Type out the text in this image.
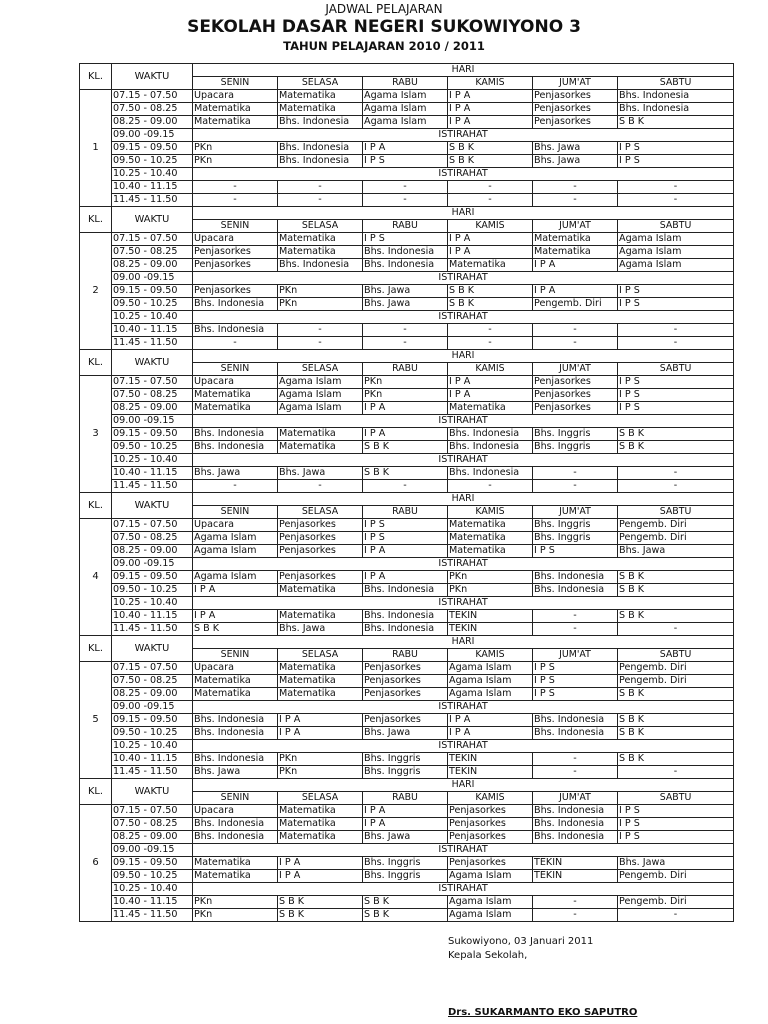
JADWAL PELAJARAN
SEKOLAH DASAR NEGERI SUKOWIYONO 3
TAHUN PELAJARAN 2010 / 2011
KL.	WAKTU	HARI					
		SENIN	SELASA	RABU	KAMIS	JUM'AT	SABTU
1	07.15 - 07.50	Upacara	Matematika	Agama Islam	I P A	Penjasorkes	Bhs. Indonesia
	07.50 - 08.25	Matematika	Matematika	Agama Islam	I P A	Penjasorkes	Bhs. Indonesia
	08.25 - 09.00	Matematika	Bhs. Indonesia	Agama Islam	I P A	Penjasorkes	S B K
	09.00 -09.15	ISTIRAHAT					
	09.15 - 09.50	PKn	Bhs. Indonesia	I P A	S B K	Bhs. Jawa	I P S
	09.50 - 10.25	PKn	Bhs. Indonesia	I P S	S B K	Bhs. Jawa	I P S
	10.25 - 10.40	ISTIRAHAT					
	10.40 - 11.15	-	-	-	-	-	-
	11.45 - 11.50	-	-	-	-	-	-
KL.	WAKTU	HARI					
		SENIN	SELASA	RABU	KAMIS	JUM'AT	SABTU
2	07.15 - 07.50	Upacara	Matematika	I P S	I P A	Matematika	Agama Islam
	07.50 - 08.25	Penjasorkes	Matematika	Bhs. Indonesia	I P A	Matematika	Agama Islam
	08.25 - 09.00	Penjasorkes	Bhs. Indonesia	Bhs. Indonesia	Matematika	I P A	Agama Islam
	09.00 -09.15	ISTIRAHAT					
	09.15 - 09.50	Penjasorkes	PKn	Bhs. Jawa	S B K	I P A	I P S
	09.50 - 10.25	Bhs. Indonesia	PKn	Bhs. Jawa	S B K	Pengemb. Diri	I P S
	10.25 - 10.40	ISTIRAHAT					
	10.40 - 11.15	Bhs. Indonesia	-	-	-	-	-
	11.45 - 11.50	-	-	-	-	-	-
KL.	WAKTU	HARI					
		SENIN	SELASA	RABU	KAMIS	JUM'AT	SABTU
3	07.15 - 07.50	Upacara	Agama Islam	PKn	I P A	Penjasorkes	I P S
	07.50 - 08.25	Matematika	Agama Islam	PKn	I P A	Penjasorkes	I P S
	08.25 - 09.00	Matematika	Agama Islam	I P A	Matematika	Penjasorkes	I P S
	09.00 -09.15	ISTIRAHAT					
	09.15 - 09.50	Bhs. Indonesia	Matematika	I P A	Bhs. Indonesia	Bhs. Inggris	S B K
	09.50 - 10.25	Bhs. Indonesia	Matematika	S B K	Bhs. Indonesia	Bhs. Inggris	S B K
	10.25 - 10.40	ISTIRAHAT					
	10.40 - 11.15	Bhs. Jawa	Bhs. Jawa	S B K	Bhs. Indonesia	-	-
	11.45 - 11.50	-	-	-	-	-	-
KL.	WAKTU	HARI					
		SENIN	SELASA	RABU	KAMIS	JUM'AT	SABTU
4	07.15 - 07.50	Upacara	Penjasorkes	I P S	Matematika	Bhs. Inggris	Pengemb. Diri
	07.50 - 08.25	Agama Islam	Penjasorkes	I P S	Matematika	Bhs. Inggris	Pengemb. Diri
	08.25 - 09.00	Agama Islam	Penjasorkes	I P A	Matematika	I P S	Bhs. Jawa
	09.00 -09.15	ISTIRAHAT					
	09.15 - 09.50	Agama Islam	Penjasorkes	I P A	PKn	Bhs. Indonesia	S B K
	09.50 - 10.25	I P A	Matematika	Bhs. Indonesia	PKn	Bhs. Indonesia	S B K
	10.25 - 10.40	ISTIRAHAT					
	10.40 - 11.15	I P A	Matematika	Bhs. Indonesia	TEKIN	-	S B K
	11.45 - 11.50	S B K	Bhs. Jawa	Bhs. Indonesia	TEKIN	-	-
KL.	WAKTU	HARI					
		SENIN	SELASA	RABU	KAMIS	JUM'AT	SABTU
5	07.15 - 07.50	Upacara	Matematika	Penjasorkes	Agama Islam	I P S	Pengemb. Diri
	07.50 - 08.25	Matematika	Matematika	Penjasorkes	Agama Islam	I P S	Pengemb. Diri
	08.25 - 09.00	Matematika	Matematika	Penjasorkes	Agama Islam	I P S	S B K
	09.00 -09.15	ISTIRAHAT					
	09.15 - 09.50	Bhs. Indonesia	I P A	Penjasorkes	I P A	Bhs. Indonesia	S B K
	09.50 - 10.25	Bhs. Indonesia	I P A	Bhs. Jawa	I P A	Bhs. Indonesia	S B K
	10.25 - 10.40	ISTIRAHAT					
	10.40 - 11.15	Bhs. Indonesia	PKn	Bhs. Inggris	TEKIN	-	S B K
	11.45 - 11.50	Bhs. Jawa	PKn	Bhs. Inggris	TEKIN	-	-
KL.	WAKTU	HARI					
		SENIN	SELASA	RABU	KAMIS	JUM'AT	SABTU
6	07.15 - 07.50	Upacara	Matematika	I P A	Penjasorkes	Bhs. Indonesia	I P S
	07.50 - 08.25	Bhs. Indonesia	Matematika	I P A	Penjasorkes	Bhs. Indonesia	I P S
	08.25 - 09.00	Bhs. Indonesia	Matematika	Bhs. Jawa	Penjasorkes	Bhs. Indonesia	I P S
	09.00 -09.15	ISTIRAHAT					
	09.15 - 09.50	Matematika	I P A	Bhs. Inggris	Penjasorkes	TEKIN	Bhs. Jawa
	09.50 - 10.25	Matematika	I P A	Bhs. Inggris	Agama Islam	TEKIN	Pengemb. Diri
	10.25 - 10.40	ISTIRAHAT					
	10.40 - 11.15	PKn	S B K	S B K	Agama Islam	-	Pengemb. Diri
	11.45 - 11.50	PKn	S B K	S B K	Agama Islam	-	-
Sukowiyono, 03 Januari 2011
Kepala Sekolah,
Drs. SUKARMANTO EKO SAPUTRO
